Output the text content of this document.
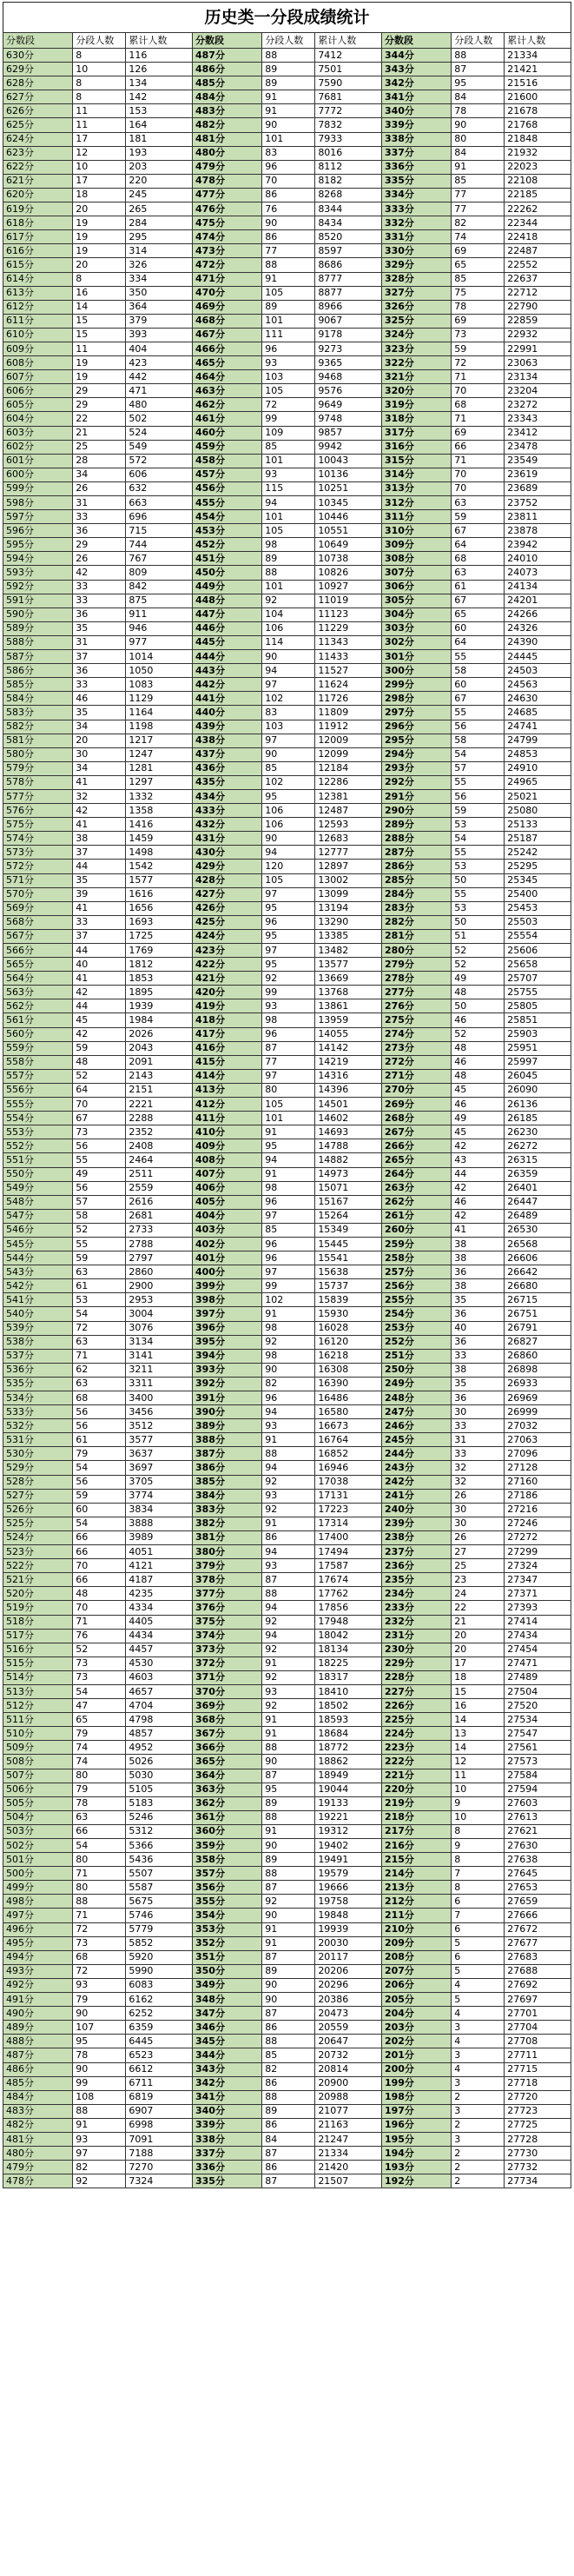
历史类一分段成绩统计
分数段	分段人数	累计人数	分数段	分段人数	累计人数	分数段	分段人数	累计人数
630分	8	116	487分	88	7412	344分	88	21334
629分	10	126	486分	89	7501	343分	87	21421
628分	8	134	485分	89	7590	342分	95	21516
627分	8	142	484分	91	7681	341分	84	21600
626分	11	153	483分	91	7772	340分	78	21678
625分	11	164	482分	90	7832	339分	90	21768
624分	17	181	481分	101	7933	338分	80	21848
623分	12	193	480分	83	8016	337分	84	21932
622分	10	203	479分	96	8112	336分	91	22023
621分	17	220	478分	70	8182	335分	85	22108
620分	18	245	477分	86	8268	334分	77	22185
619分	20	265	476分	76	8344	333分	77	22262
618分	19	284	475分	90	8434	332分	82	22344
617分	19	295	474分	86	8520	331分	74	22418
616分	19	314	473分	77	8597	330分	69	22487
615分	20	326	472分	88	8686	329分	65	22552
614分	8	334	471分	91	8777	328分	85	22637
613分	16	350	470分	105	8877	327分	75	22712
612分	14	364	469分	89	8966	326分	78	22790
611分	15	379	468分	101	9067	325分	69	22859
610分	15	393	467分	111	9178	324分	73	22932
609分	11	404	466分	96	9273	323分	59	22991
608分	19	423	465分	93	9365	322分	72	23063
607分	19	442	464分	103	9468	321分	71	23134
606分	29	471	463分	105	9576	320分	70	23204
605分	29	480	462分	72	9649	319分	68	23272
604分	22	502	461分	99	9748	318分	71	23343
603分	21	524	460分	109	9857	317分	69	23412
602分	25	549	459分	85	9942	316分	66	23478
601分	28	572	458分	101	10043	315分	71	23549
600分	34	606	457分	93	10136	314分	70	23619
599分	26	632	456分	115	10251	313分	70	23689
598分	31	663	455分	94	10345	312分	63	23752
597分	33	696	454分	101	10446	311分	59	23811
596分	36	715	453分	105	10551	310分	67	23878
595分	29	744	452分	98	10649	309分	64	23942
594分	26	767	451分	89	10738	308分	68	24010
593分	42	809	450分	88	10826	307分	63	24073
592分	33	842	449分	101	10927	306分	61	24134
591分	33	875	448分	92	11019	305分	67	24201
590分	36	911	447分	104	11123	304分	65	24266
589分	35	946	446分	106	11229	303分	60	24326
588分	31	977	445分	114	11343	302分	64	24390
587分	37	1014	444分	90	11433	301分	55	24445
586分	36	1050	443分	94	11527	300分	58	24503
585分	33	1083	442分	97	11624	299分	60	24563
584分	46	1129	441分	102	11726	298分	67	24630
583分	35	1164	440分	83	11809	297分	55	24685
582分	34	1198	439分	103	11912	296分	56	24741
581分	20	1217	438分	97	12009	295分	58	24799
580分	30	1247	437分	90	12099	294分	54	24853
579分	34	1281	436分	85	12184	293分	57	24910
578分	41	1297	435分	102	12286	292分	55	24965
577分	32	1332	434分	95	12381	291分	56	25021
576分	42	1358	433分	106	12487	290分	59	25080
575分	41	1416	432分	106	12593	289分	53	25133
574分	38	1459	431分	90	12683	288分	54	25187
573分	37	1498	430分	94	12777	287分	55	25242
572分	44	1542	429分	120	12897	286分	53	25295
571分	35	1577	428分	105	13002	285分	50	25345
570分	39	1616	427分	97	13099	284分	55	25400
569分	41	1656	426分	95	13194	283分	53	25453
568分	33	1693	425分	96	13290	282分	50	25503
567分	37	1725	424分	95	13385	281分	51	25554
566分	44	1769	423分	97	13482	280分	52	25606
565分	40	1812	422分	95	13577	279分	52	25658
564分	41	1853	421分	92	13669	278分	49	25707
563分	42	1895	420分	99	13768	277分	48	25755
562分	44	1939	419分	93	13861	276分	50	25805
561分	45	1984	418分	98	13959	275分	46	25851
560分	42	2026	417分	96	14055	274分	52	25903
559分	59	2043	416分	87	14142	273分	48	25951
558分	48	2091	415分	77	14219	272分	46	25997
557分	52	2143	414分	97	14316	271分	48	26045
556分	64	2151	413分	80	14396	270分	45	26090
555分	70	2221	412分	105	14501	269分	46	26136
554分	67	2288	411分	101	14602	268分	49	26185
553分	73	2352	410分	91	14693	267分	45	26230
552分	56	2408	409分	95	14788	266分	42	26272
551分	55	2464	408分	94	14882	265分	43	26315
550分	49	2511	407分	91	14973	264分	44	26359
549分	56	2559	406分	98	15071	263分	42	26401
548分	57	2616	405分	96	15167	262分	46	26447
547分	58	2681	404分	97	15264	261分	42	26489
546分	52	2733	403分	85	15349	260分	41	26530
545分	55	2788	402分	96	15445	259分	38	26568
544分	59	2797	401分	96	15541	258分	38	26606
543分	63	2860	400分	97	15638	257分	36	26642
542分	61	2900	399分	99	15737	256分	38	26680
541分	53	2953	398分	102	15839	255分	35	26715
540分	54	3004	397分	91	15930	254分	36	26751
539分	72	3076	396分	98	16028	253分	40	26791
538分	63	3134	395分	92	16120	252分	36	26827
537分	71	3141	394分	98	16218	251分	33	26860
536分	62	3211	393分	90	16308	250分	38	26898
535分	63	3311	392分	82	16390	249分	35	26933
534分	68	3400	391分	96	16486	248分	36	26969
533分	56	3456	390分	94	16580	247分	30	26999
532分	56	3512	389分	93	16673	246分	33	27032
531分	61	3577	388分	91	16764	245分	31	27063
530分	79	3637	387分	88	16852	244分	33	27096
529分	54	3697	386分	94	16946	243分	32	27128
528分	56	3705	385分	92	17038	242分	32	27160
527分	59	3774	384分	93	17131	241分	26	27186
526分	60	3834	383分	92	17223	240分	30	27216
525分	54	3888	382分	91	17314	239分	30	27246
524分	66	3989	381分	86	17400	238分	26	27272
523分	66	4051	380分	94	17494	237分	27	27299
522分	70	4121	379分	93	17587	236分	25	27324
521分	66	4187	378分	87	17674	235分	23	27347
520分	48	4235	377分	88	17762	234分	24	27371
519分	70	4334	376分	94	17856	233分	22	27393
518分	71	4405	375分	92	17948	232分	21	27414
517分	76	4434	374分	94	18042	231分	20	27434
516分	52	4457	373分	92	18134	230分	20	27454
515分	73	4530	372分	91	18225	229分	17	27471
514分	73	4603	371分	92	18317	228分	18	27489
513分	54	4657	370分	93	18410	227分	15	27504
512分	47	4704	369分	92	18502	226分	16	27520
511分	65	4798	368分	91	18593	225分	14	27534
510分	79	4857	367分	91	18684	224分	13	27547
509分	74	4952	366分	88	18772	223分	14	27561
508分	74	5026	365分	90	18862	222分	12	27573
507分	80	5030	364分	87	18949	221分	11	27584
506分	79	5105	363分	95	19044	220分	10	27594
505分	78	5183	362分	89	19133	219分	9	27603
504分	63	5246	361分	88	19221	218分	10	27613
503分	66	5312	360分	91	19312	217分	8	27621
502分	54	5366	359分	90	19402	216分	9	27630
501分	80	5436	358分	89	19491	215分	8	27638
500分	71	5507	357分	88	19579	214分	7	27645
499分	80	5587	356分	87	19666	213分	8	27653
498分	88	5675	355分	92	19758	212分	6	27659
497分	71	5746	354分	90	19848	211分	7	27666
496分	72	5779	353分	91	19939	210分	6	27672
495分	73	5852	352分	91	20030	209分	5	27677
494分	68	5920	351分	87	20117	208分	6	27683
493分	72	5990	350分	89	20206	207分	5	27688
492分	93	6083	349分	90	20296	206分	4	27692
491分	79	6162	348分	90	20386	205分	5	27697
490分	90	6252	347分	87	20473	204分	4	27701
489分	107	6359	346分	86	20559	203分	3	27704
488分	95	6445	345分	88	20647	202分	4	27708
487分	78	6523	344分	85	20732	201分	3	27711
486分	90	6612	343分	82	20814	200分	4	27715
485分	99	6711	342分	86	20900	199分	3	27718
484分	108	6819	341分	88	20988	198分	2	27720
483分	88	6907	340分	89	21077	197分	3	27723
482分	91	6998	339分	86	21163	196分	2	27725
481分	93	7091	338分	84	21247	195分	3	27728
480分	97	7188	337分	87	21334	194分	2	27730
479分	82	7270	336分	86	21420	193分	2	27732
478分	92	7324	335分	87	21507	192分	2	27734
